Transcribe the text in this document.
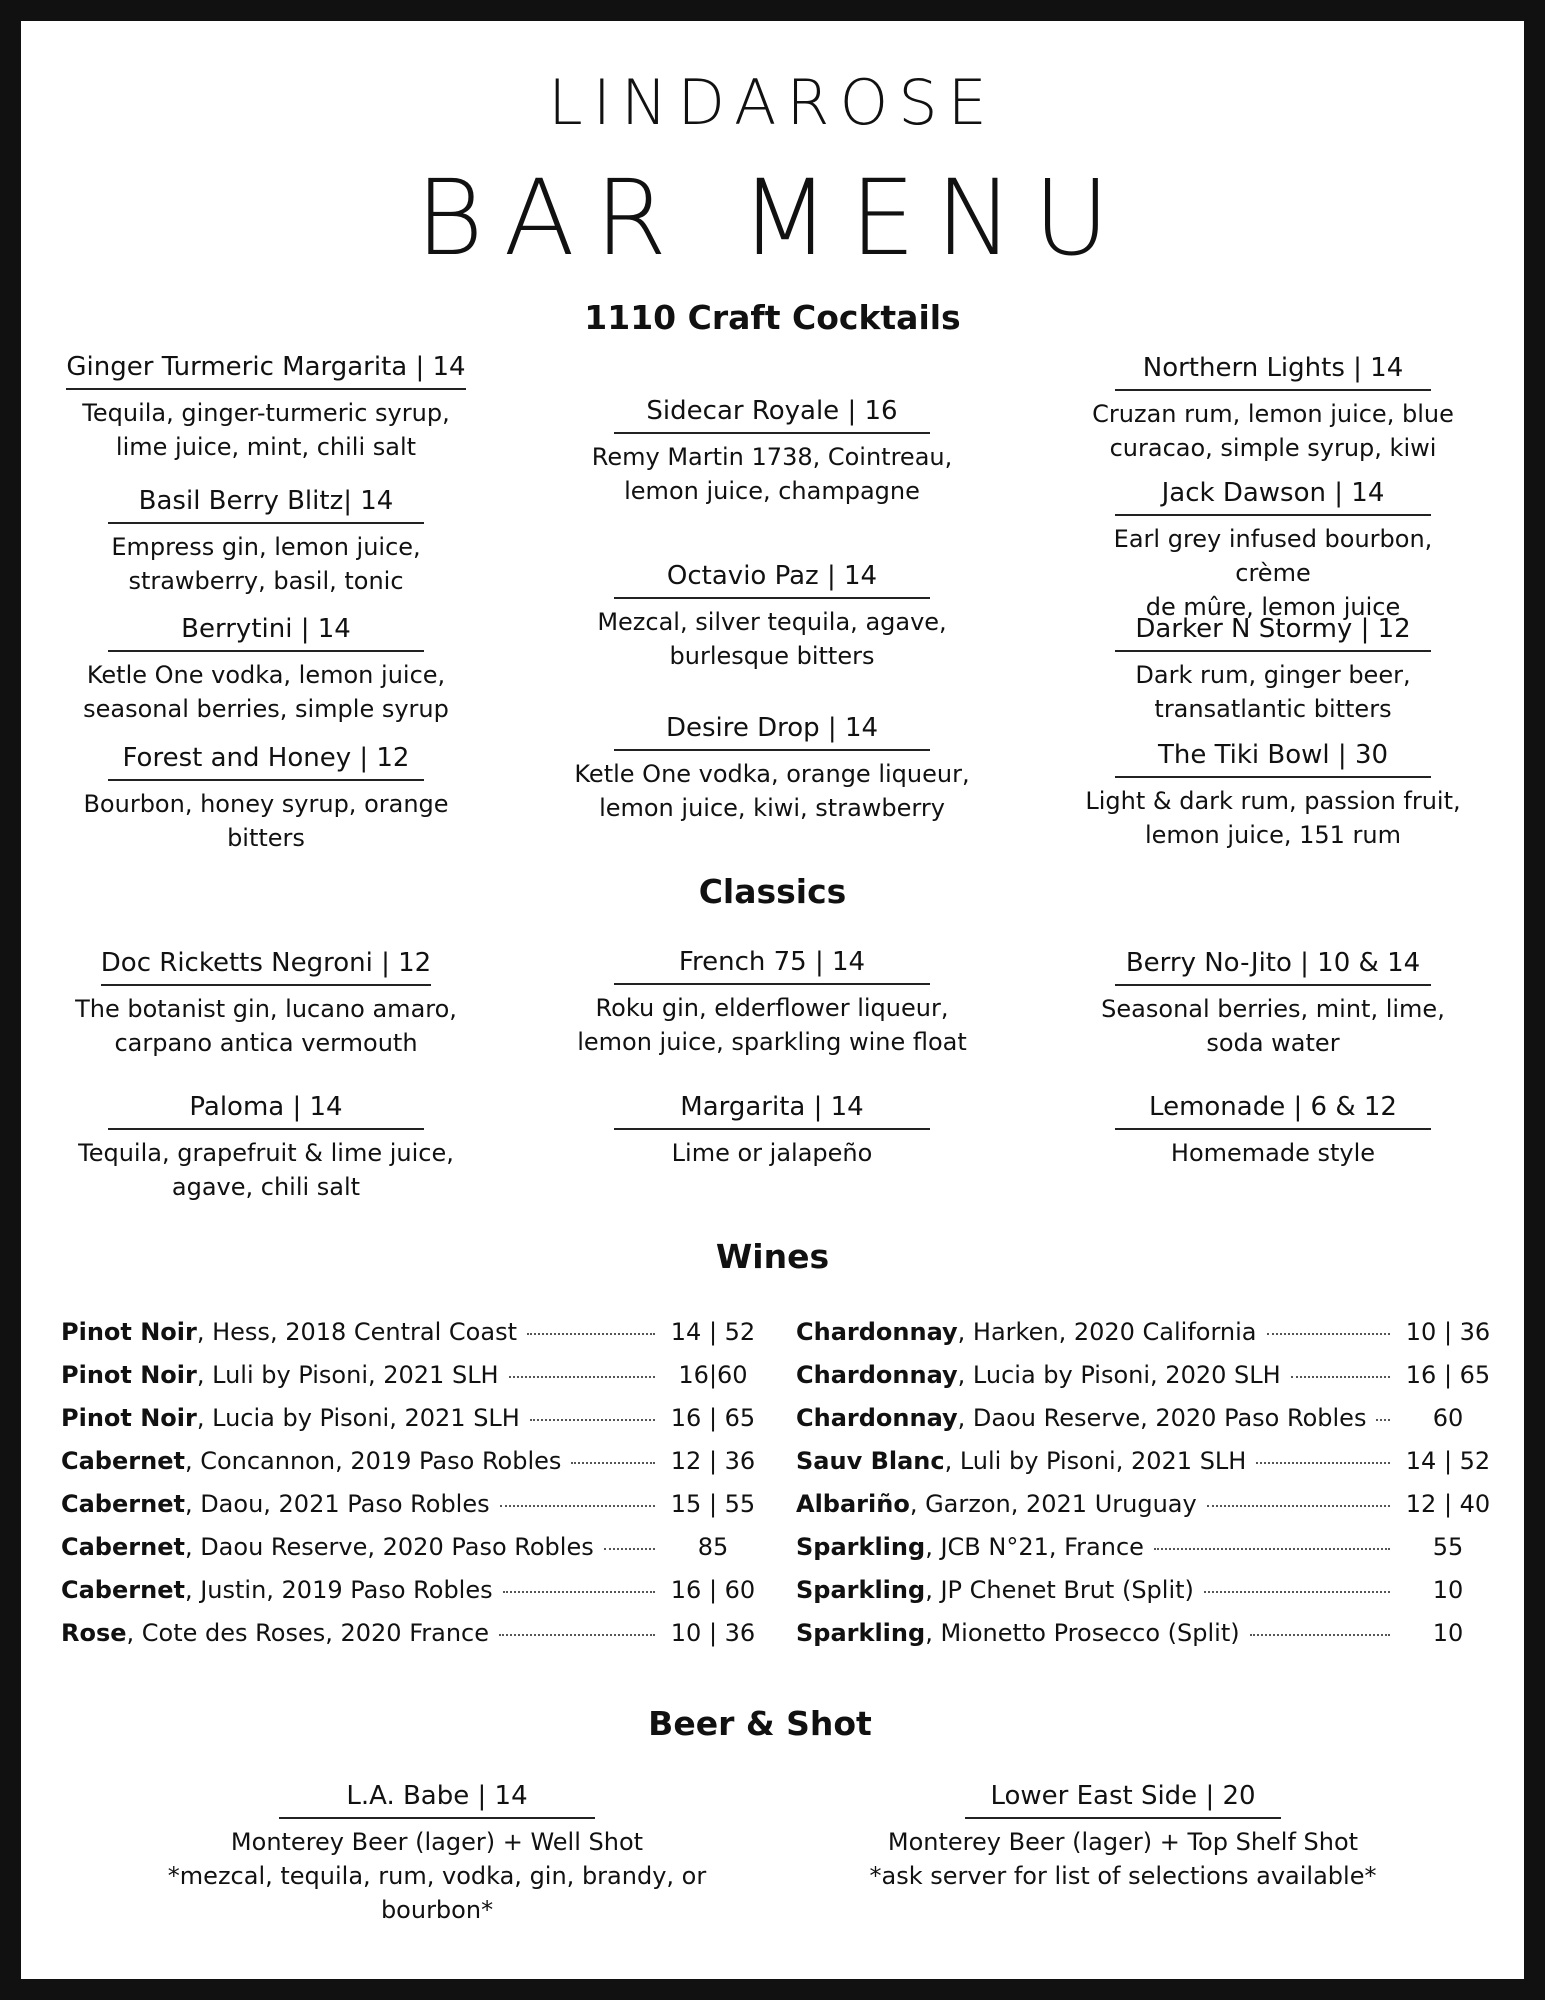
LINDAROSE
BAR MENU
1110 Craft Cocktails
Ginger Turmeric Margarita | 14
Tequila, ginger-turmeric syrup,
lime juice, mint, chili salt
Basil Berry Blitz| 14
Empress gin, lemon juice,
strawberry, basil, tonic
Berrytini | 14
Ketle One vodka, lemon juice,
seasonal berries, simple syrup
Forest and Honey | 12
Bourbon, honey syrup, orange
bitters
Sidecar Royale | 16
Remy Martin 1738, Cointreau,
lemon juice, champagne
Octavio Paz | 14
Mezcal, silver tequila, agave,
burlesque bitters
Desire Drop | 14
Ketle One vodka, orange liqueur,
lemon juice, kiwi, strawberry
Northern Lights | 14
Cruzan rum, lemon juice, blue
curacao, simple syrup, kiwi
Jack Dawson | 14
Earl grey infused bourbon, crème
de mûre, lemon juice
Darker N Stormy | 12
Dark rum, ginger beer,
transatlantic bitters
The Tiki Bowl | 30
Light & dark rum, passion fruit,
lemon juice, 151 rum
Classics
Doc Ricketts Negroni | 12
The botanist gin, lucano amaro,
carpano antica vermouth
Paloma | 14
Tequila, grapefruit & lime juice,
agave, chili salt
French 75 | 14
Roku gin, elderflower liqueur,
lemon juice, sparkling wine float
Margarita | 14
Lime or jalapeño
Berry No-Jito | 10 & 14
Seasonal berries, mint, lime,
soda water
Lemonade | 6 & 12
Homemade style
Wines
Pinot Noir, Hess, 2018 Central Coast	14 | 52
Pinot Noir, Luli by Pisoni, 2021 SLH	16|60
Pinot Noir, Lucia by Pisoni, 2021 SLH	16 | 65
Cabernet, Concannon, 2019 Paso Robles	12 | 36
Cabernet, Daou, 2021 Paso Robles	15 | 55
Cabernet, Daou Reserve, 2020 Paso Robles	85
Cabernet, Justin, 2019 Paso Robles	16 | 60
Rose, Cote des Roses, 2020 France	10 | 36
Chardonnay, Harken, 2020 California	10 | 36
Chardonnay, Lucia by Pisoni, 2020 SLH	16 | 65
Chardonnay, Daou Reserve, 2020 Paso Robles	60
Sauv Blanc, Luli by Pisoni, 2021 SLH	14 | 52
Albariño, Garzon, 2021 Uruguay	12 | 40
Sparkling, JCB N°21, France	55
Sparkling, JP Chenet Brut (Split)	10
Sparkling, Mionetto Prosecco (Split)	10
Beer & Shot
L.A. Babe | 14
Monterey Beer (lager) + Well Shot
*mezcal, tequila, rum, vodka, gin, brandy, or bourbon*
Lower East Side | 20
Monterey Beer (lager) + Top Shelf Shot
*ask server for list of selections available*
